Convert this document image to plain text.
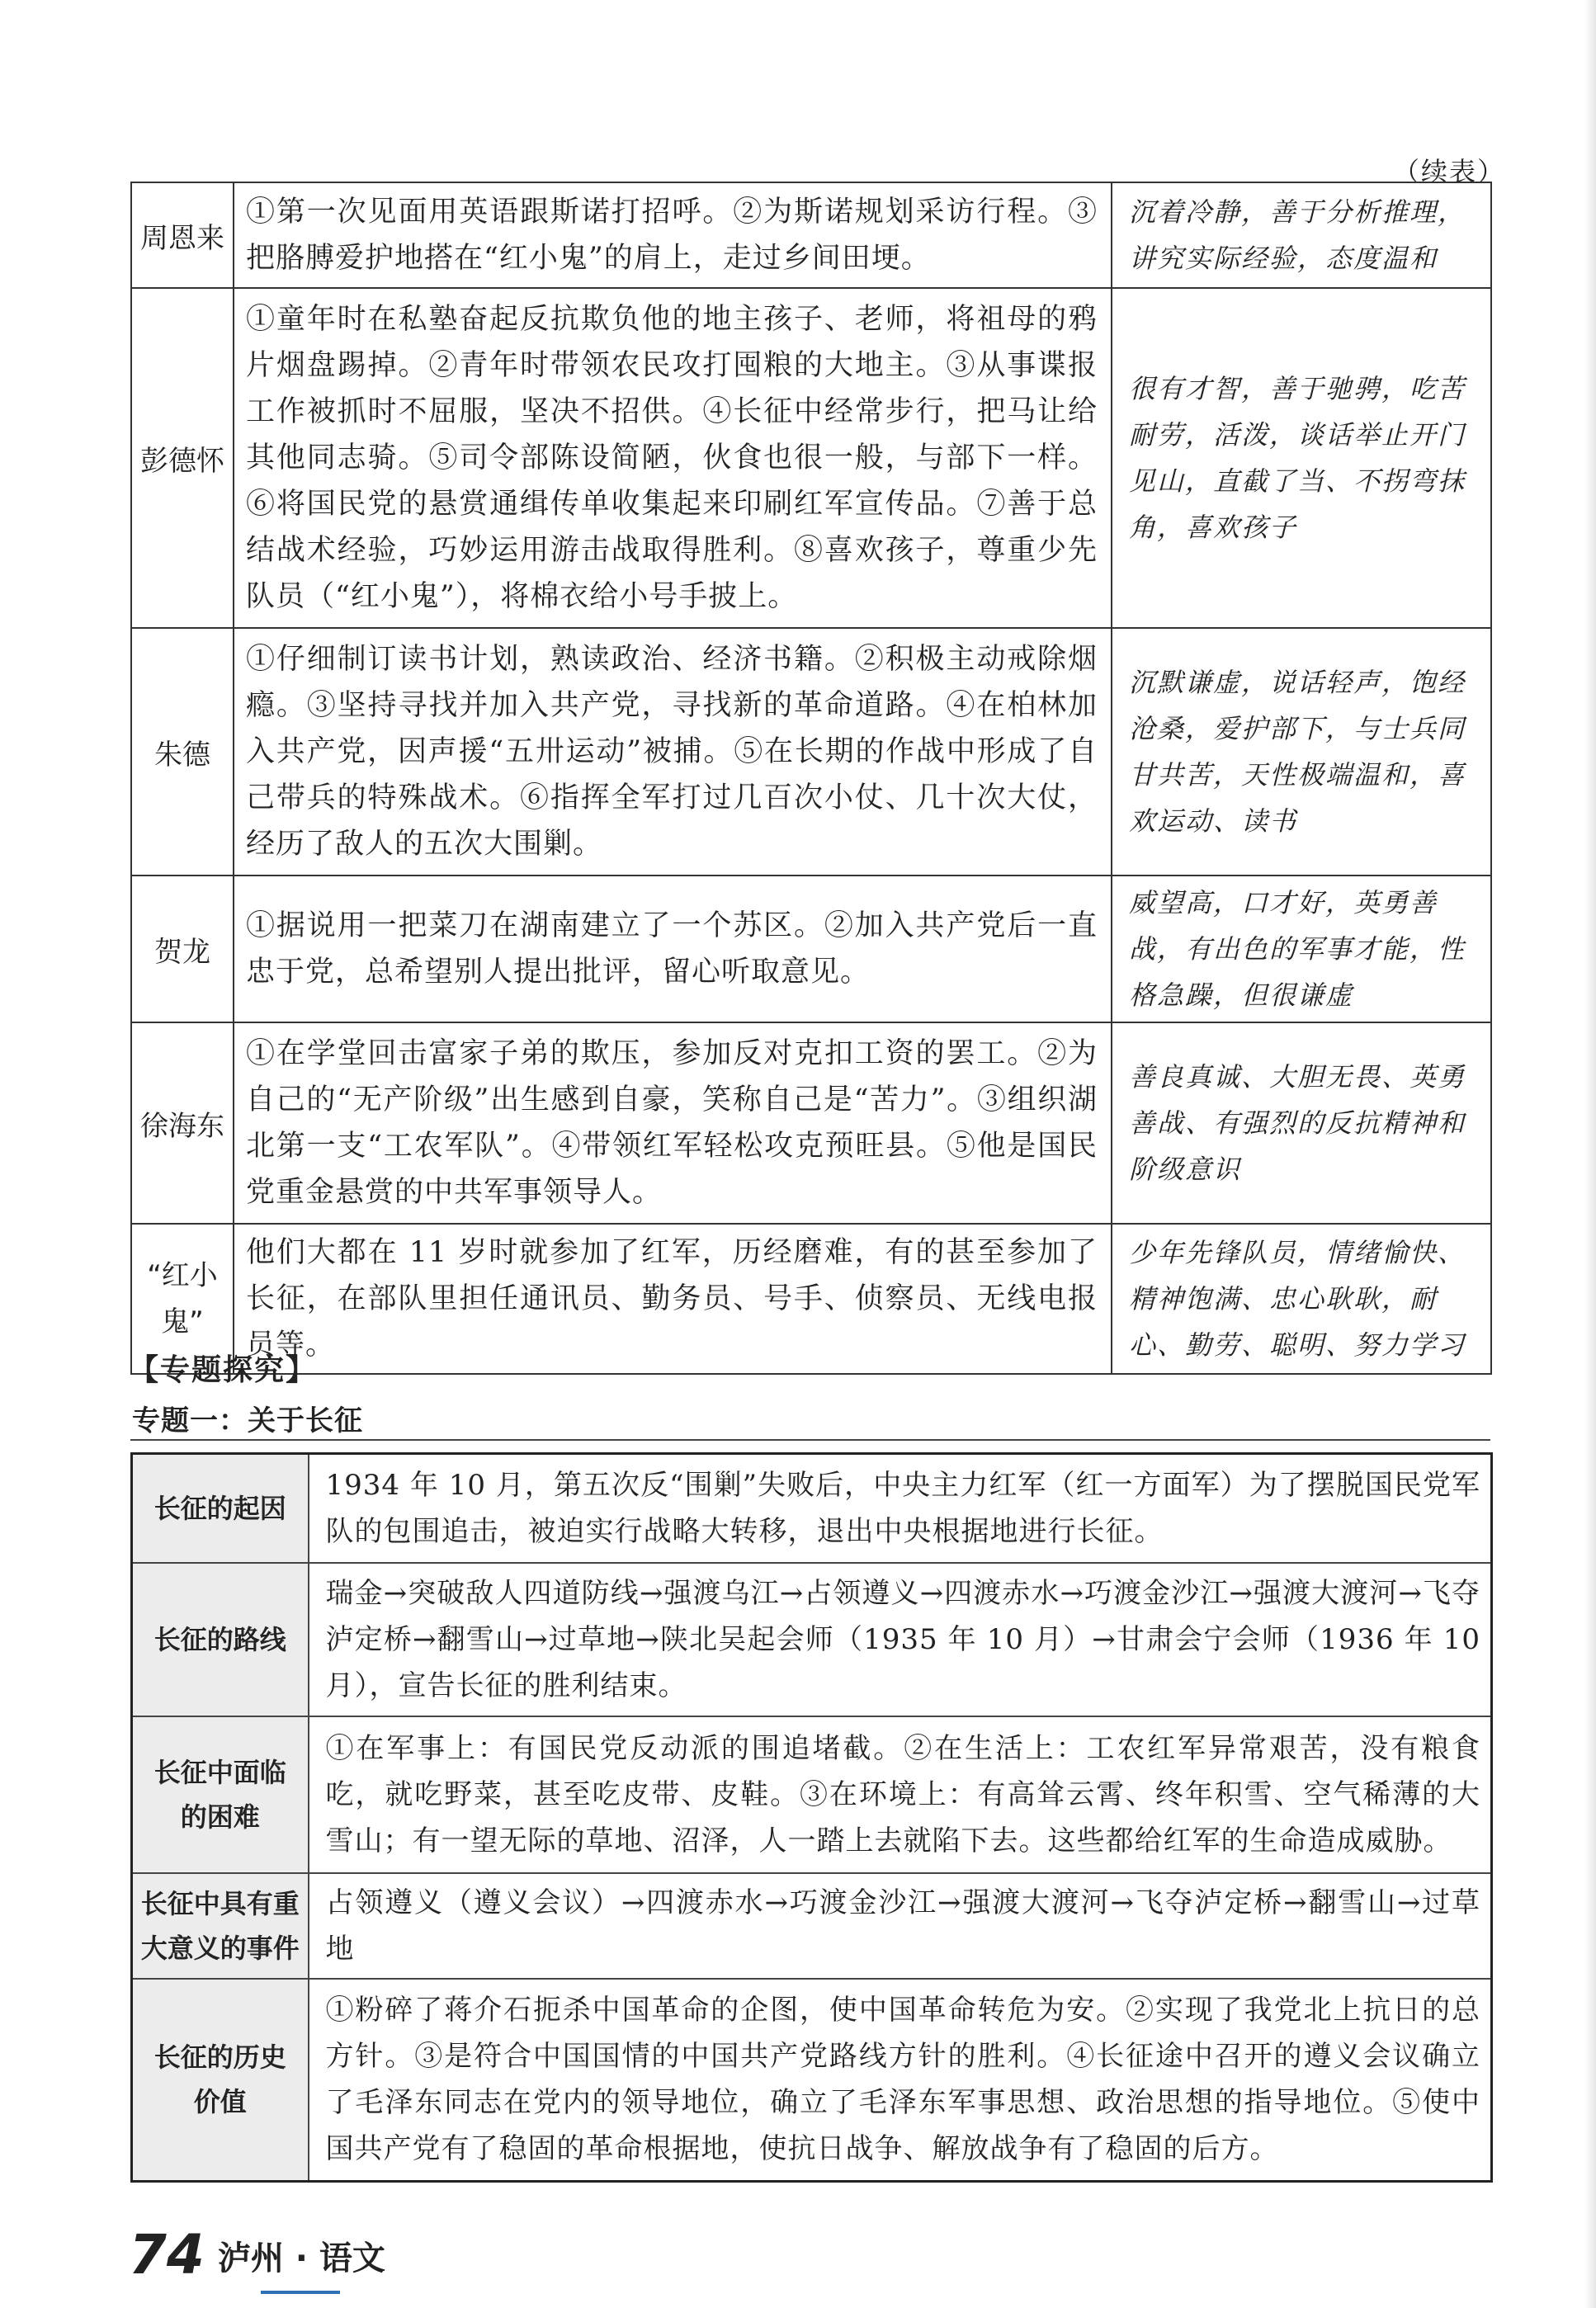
（续表）
周恩来	①第一次见面用英语跟斯诺打招呼。②为斯诺规划采访行程。③把胳膊爱护地搭在“红小鬼”的肩上，走过乡间田埂。	沉着冷静，善于分析推理，讲究实际经验，态度温和
彭德怀	①童年时在私塾奋起反抗欺负他的地主孩子、老师，将祖母的鸦片烟盘踢掉。②青年时带领农民攻打囤粮的大地主。③从事谍报工作被抓时不屈服，坚决不招供。④长征中经常步行，把马让给其他同志骑。⑤司令部陈设简陋，伙食也很一般，与部下一样。⑥将国民党的悬赏通缉传单收集起来印刷红军宣传品。⑦善于总结战术经验，巧妙运用游击战取得胜利。⑧喜欢孩子，尊重少先队员（“红小鬼”），将棉衣给小号手披上。	很有才智，善于驰骋，吃苦耐劳，活泼，谈话举止开门见山，直截了当、不拐弯抹角，喜欢孩子
朱德	①仔细制订读书计划，熟读政治、经济书籍。②积极主动戒除烟瘾。③坚持寻找并加入共产党，寻找新的革命道路。④在柏林加入共产党，因声援“五卅运动”被捕。⑤在长期的作战中形成了自己带兵的特殊战术。⑥指挥全军打过几百次小仗、几十次大仗，经历了敌人的五次大围剿。	沉默谦虚，说话轻声，饱经沧桑，爱护部下，与士兵同甘共苦，天性极端温和，喜欢运动、读书
贺龙	①据说用一把菜刀在湖南建立了一个苏区。②加入共产党后一直忠于党，总希望别人提出批评，留心听取意见。	威望高，口才好，英勇善战，有出色的军事才能，性格急躁，但很谦虚
徐海东	①在学堂回击富家子弟的欺压，参加反对克扣工资的罢工。②为自己的“无产阶级”出生感到自豪，笑称自己是“苦力”。③组织湖北第一支“工农军队”。④带领红军轻松攻克预旺县。⑤他是国民党重金悬赏的中共军事领导人。	善良真诚、大胆无畏、英勇善战、有强烈的反抗精神和阶级意识
“红小鬼”	他们大都在 11 岁时就参加了红军，历经磨难，有的甚至参加了长征，在部队里担任通讯员、勤务员、号手、侦察员、无线电报员等。	少年先锋队员，情绪愉快、精神饱满、忠心耿耿，耐心、勤劳、聪明、努力学习
【专题探究】
专题一：关于长征
长征的起因	1934 年 10 月，第五次反“围剿”失败后，中央主力红军（红一方面军）为了摆脱国民党军队的包围追击，被迫实行战略大转移，退出中央根据地进行长征。
长征的路线	瑞金→突破敌人四道防线→强渡乌江→占领遵义→四渡赤水→巧渡金沙江→强渡大渡河→飞夺泸定桥→翻雪山→过草地→陕北吴起会师（1935 年 10 月）→甘肃会宁会师（1936 年 10 月），宣告长征的胜利结束。
长征中面临的困难	①在军事上：有国民党反动派的围追堵截。②在生活上：工农红军异常艰苦，没有粮食吃，就吃野菜，甚至吃皮带、皮鞋。③在环境上：有高耸云霄、终年积雪、空气稀薄的大雪山；有一望无际的草地、沼泽，人一踏上去就陷下去。这些都给红军的生命造成威胁。
长征中具有重大意义的事件	占领遵义（遵义会议）→四渡赤水→巧渡金沙江→强渡大渡河→飞夺泸定桥→翻雪山→过草地
长征的历史价值	①粉碎了蒋介石扼杀中国革命的企图，使中国革命转危为安。②实现了我党北上抗日的总方针。③是符合中国国情的中国共产党路线方针的胜利。④长征途中召开的遵义会议确立了毛泽东同志在党内的领导地位，确立了毛泽东军事思想、政治思想的指导地位。⑤使中国共产党有了稳固的革命根据地，使抗日战争、解放战争有了稳固的后方。
74 泸州 · 语文
